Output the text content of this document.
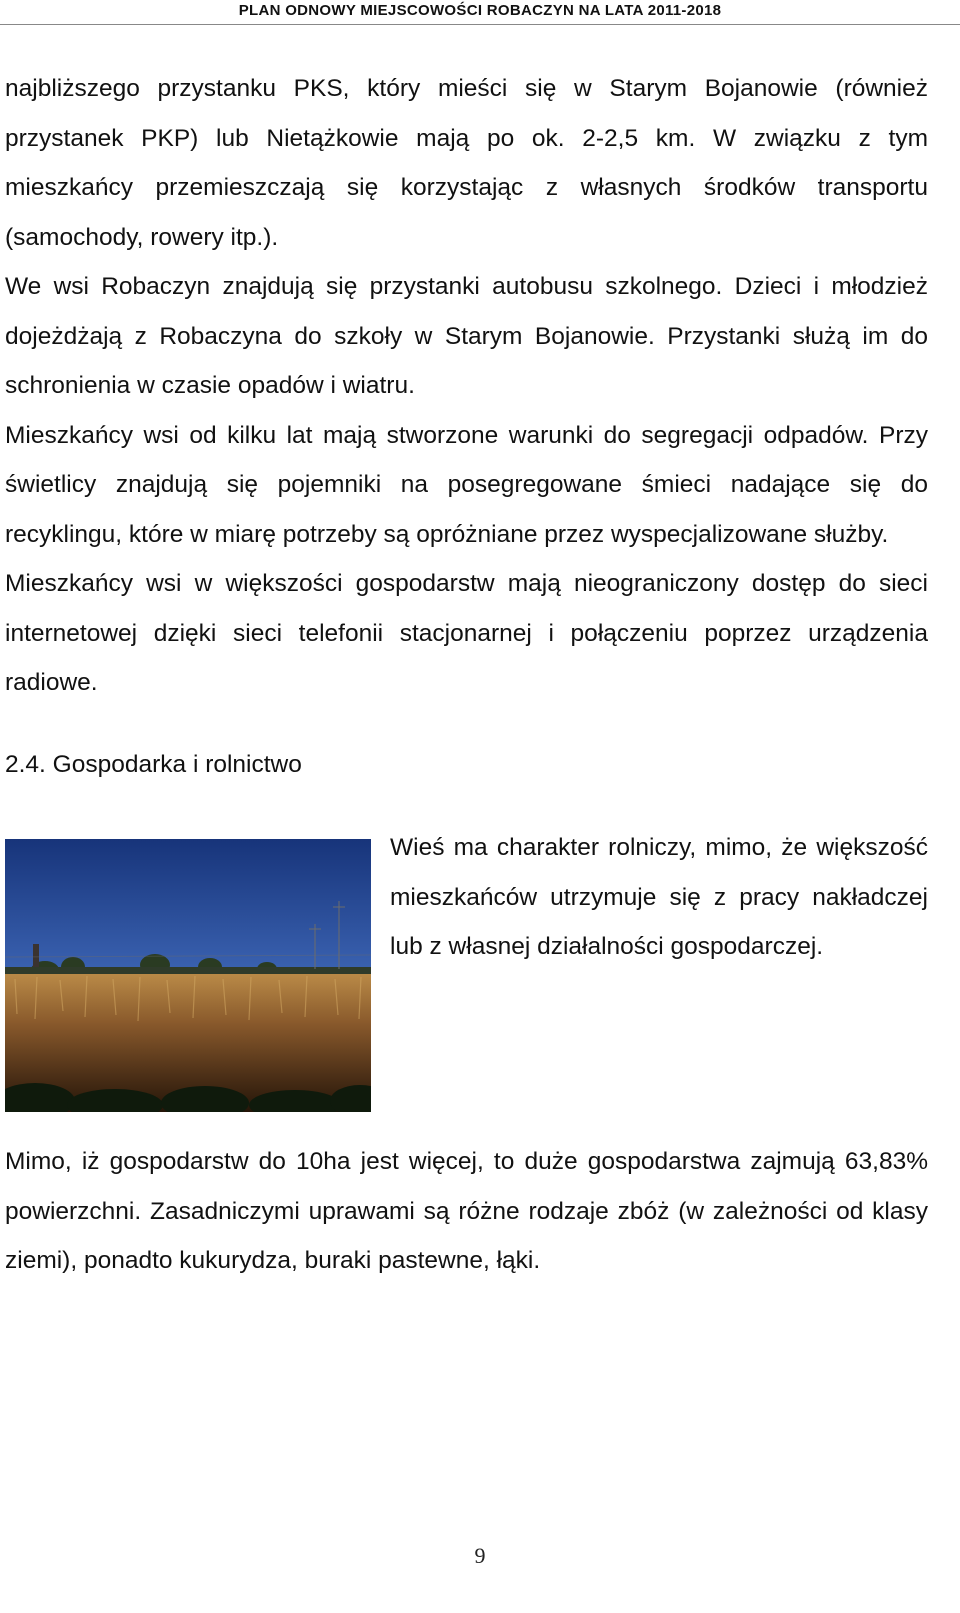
PLAN ODNOWY MIEJSCOWOŚCI ROBACZYN NA LATA 2011-2018

najbliższego przystanku PKS, który mieści się w Starym Bojanowie (również przystanek PKP) lub Nietążkowie mają po ok. 2-2,5 km. W związku z tym mieszkańcy przemieszczają się korzystając z własnych środków transportu (samochody, rowery itp.).

We wsi Robaczyn znajdują się przystanki autobusu szkolnego. Dzieci i młodzież dojeżdżają z Robaczyna do szkoły w Starym Bojanowie. Przystanki służą im do schronienia w czasie opadów i wiatru.

Mieszkańcy wsi od kilku lat mają stworzone warunki do segregacji odpadów. Przy świetlicy znajdują się pojemniki na posegregowane śmieci nadające się do recyklingu, które w miarę potrzeby są opróżniane przez wyspecjalizowane służby.

Mieszkańcy wsi w większości gospodarstw mają nieograniczony dostęp do sieci internetowej dzięki sieci telefonii stacjonarnej i połączeniu poprzez urządzenia radiowe.

2.4. Gospodarka i rolnictwo

Wieś ma charakter rolniczy, mimo, że większość mieszkańców utrzymuje się z pracy nakładczej lub z własnej działalności gospodarczej.

Mimo, iż gospodarstw do 10ha jest więcej, to duże gospodarstwa zajmują 63,83% powierzchni. Zasadniczymi uprawami są różne rodzaje zbóż (w zależności od klasy ziemi), ponadto kukurydza, buraki pastewne, łąki.

9
